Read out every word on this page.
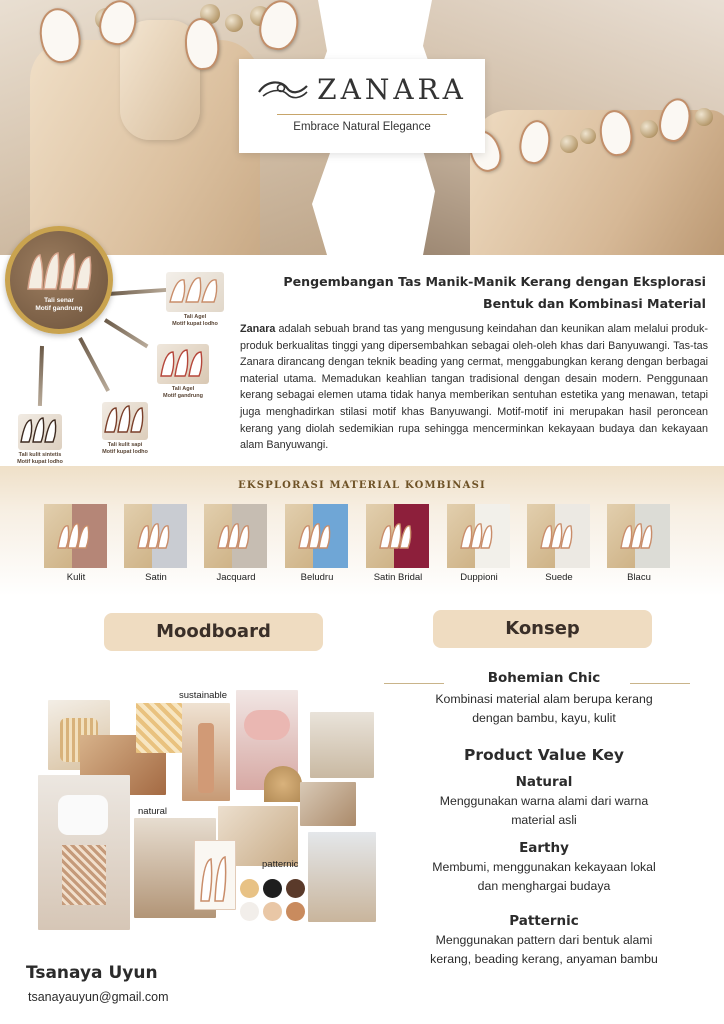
ZANARA
Embrace Natural Elegance
Tali senar
Motif gandrung
Tali Agel
Motif kupat lodho
Tali Agel
Motif gandrung
Tali kulit sapi
Motif kupat lodho
Tali kulit sintetis
Motif kupat lodho
Pengembangan Tas Manik-Manik Kerang dengan Eksplorasi
Bentuk dan Kombinasi Material
Zanara adalah sebuah brand tas yang mengusung keindahan dan keunikan alam melalui produk-produk berkualitas tinggi yang dipersembahkan sebagai oleh-oleh khas dari Banyuwangi. Tas-tas Zanara dirancang dengan teknik beading yang cermat, menggabungkan kerang dengan berbagai material utama. Memadukan keahlian tangan tradisional dengan desain modern. Penggunaan kerang sebagai elemen utama tidak hanya memberikan sentuhan estetika yang menawan, tetapi juga menghadirkan stilasi motif khas Banyuwangi. Motif-motif ini merupakan hasil peroncean kerang yang diolah sedemikian rupa sehingga mencerminkan kekayaan budaya dan kekayaan alam Banyuwangi.
EKSPLORASI MATERIAL KOMBINASI
Kulit	Satin	Jacquard	Beludru	Satin Bridal	Duppioni	Suede	Blacu
Moodboard	Konsep
sustainable
natural
patternic
Bohemian Chic
Kombinasi material alam berupa kerang
dengan bambu, kayu, kulit
Product Value Key
Natural
Menggunakan warna alami dari warna
material asli
Earthy
Membumi, menggunakan kekayaan lokal
dan menghargai budaya
Patternic
Menggunakan pattern dari bentuk alami
kerang, beading kerang, anyaman bambu
Tsanaya Uyun
tsanayauyun@gmail.com
